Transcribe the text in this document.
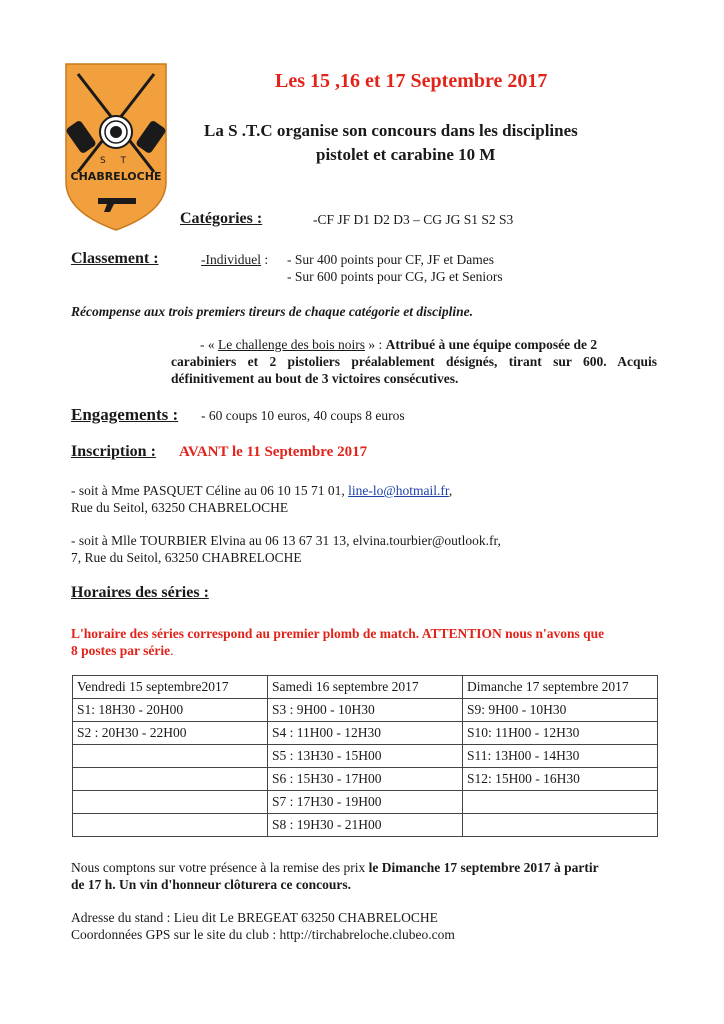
S T
CHABRELOCHE
Les 15 ,16 et 17 Septembre 2017
La S .T.C organise son concours dans les disciplines
pistolet et carabine 10 M
Catégories :	-CF JF D1 D2 D3 – CG JG S1 S2 S3
Classement :	-Individuel : - Sur 400 points pour CF, JF et Dames
- Sur 600 points pour CG, JG et Seniors
Récompense aux trois premiers tireurs de chaque catégorie et discipline.
- « Le challenge des bois noirs » : Attribué à une équipe composée de 2
carabiniers et 2 pistoliers préalablement désignés, tirant sur 600. Acquis
définitivement au bout de 3 victoires consécutives.
Engagements : - 60 coups 10 euros, 40 coups 8 euros
Inscription : AVANT le 11 Septembre 2017
- soit à Mme PASQUET Céline au 06 10 15 71 01, line-lo@hotmail.fr,
Rue du Seitol, 63250 CHABRELOCHE
- soit à Mlle TOURBIER Elvina au 06 13 67 31 13, elvina.tourbier@outlook.fr,
7, Rue du Seitol, 63250 CHABRELOCHE
Horaires des séries :
L'horaire des séries correspond au premier plomb de match. ATTENTION nous n'avons que
8 postes par série.
Vendredi 15 septembre2017	Samedi 16 septembre 2017	Dimanche 17 septembre 2017
S1: 18H30 - 20H00	S3 : 9H00 - 10H30	S9: 9H00 - 10H30
S2 : 20H30 - 22H00	S4 : 11H00 - 12H30	S10: 11H00 - 12H30
	S5 : 13H30 - 15H00	S11: 13H00 - 14H30
	S6 : 15H30 - 17H00	S12: 15H00 - 16H30
	S7 : 17H30 - 19H00	
	S8 : 19H30 - 21H00	
Nous comptons sur votre présence à la remise des prix le Dimanche 17 septembre 2017 à partir
de 17 h. Un vin d'honneur clôturera ce concours.
Adresse du stand : Lieu dit Le BREGEAT 63250 CHABRELOCHE
Coordonnées GPS sur le site du club : http://tirchabreloche.clubeo.com
